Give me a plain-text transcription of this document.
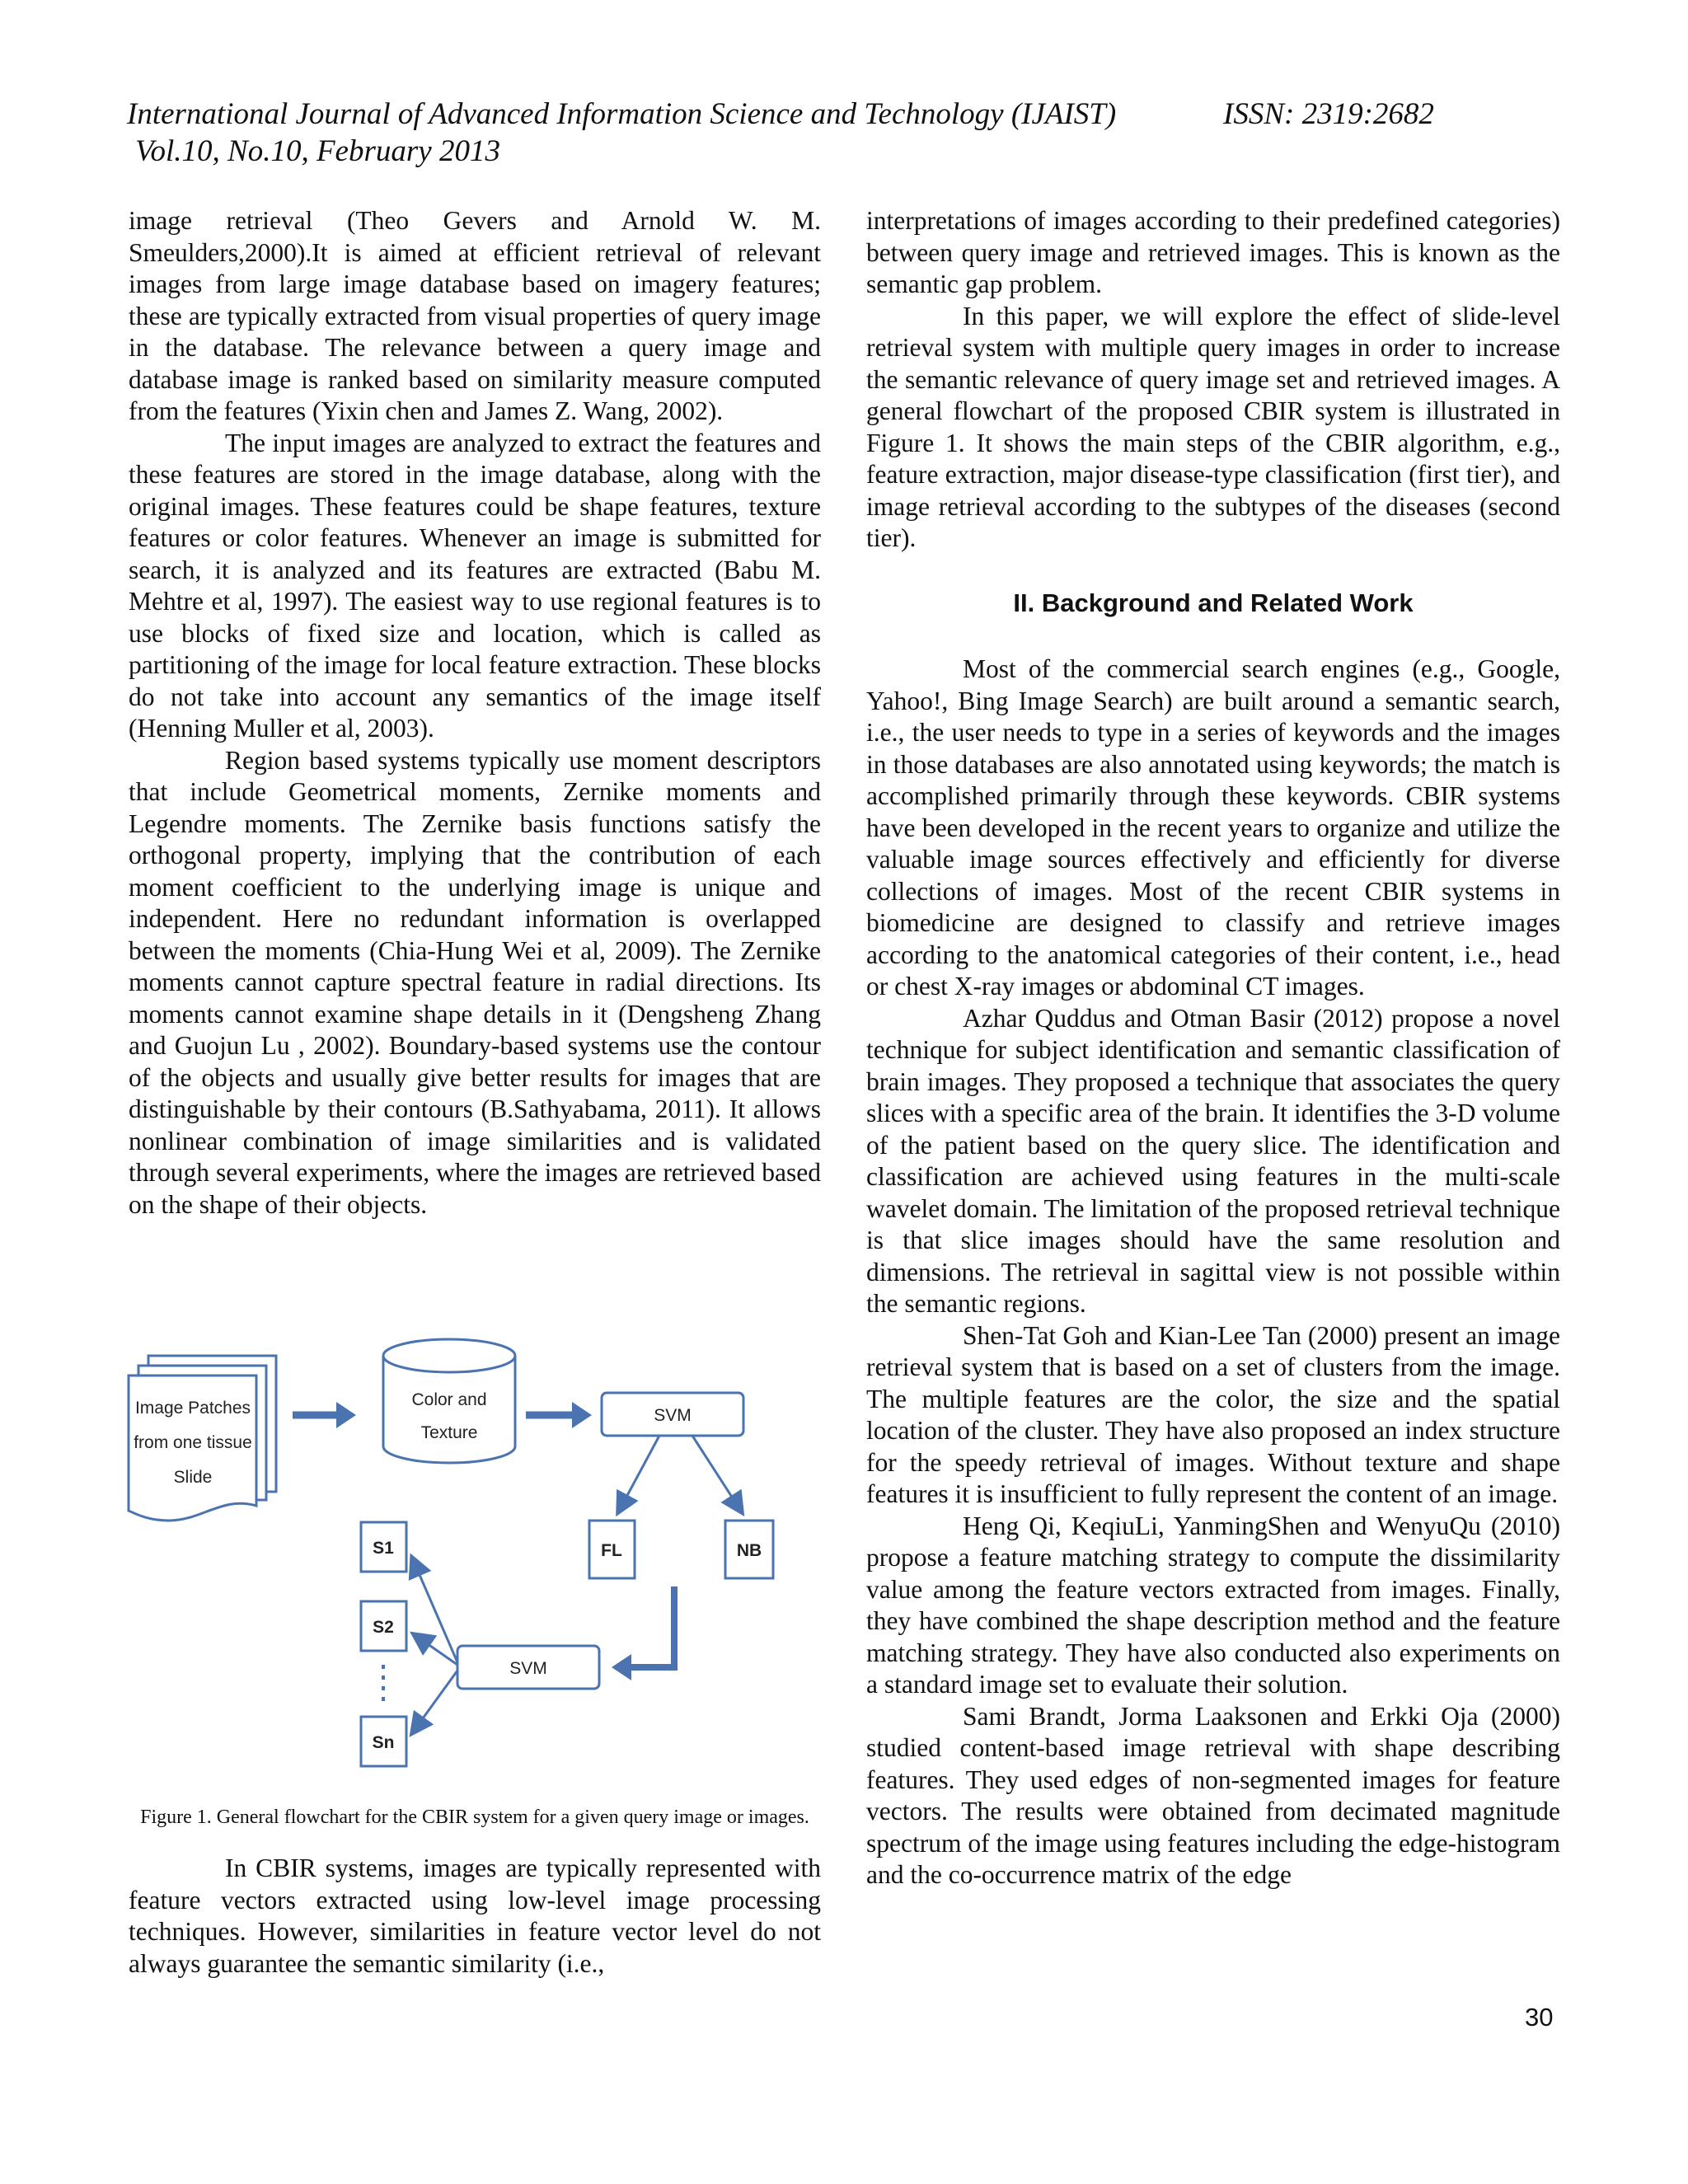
International Journal of Advanced Information Science and Technology (IJAIST)	ISSN: 2319:2682
Vol.10, No.10, February 2013

image retrieval (Theo Gevers and Arnold W. M. Smeulders,2000).It is aimed at efficient retrieval of relevant images from large image database based on imagery features; these are typically extracted from visual properties of query image in the database. The relevance between a query image and database image is ranked based on similarity measure computed from the features (Yixin chen and James Z. Wang, 2002).

The input images are analyzed to extract the features and these features are stored in the image database, along with the original images. These features could be shape features, texture features or color features. Whenever an image is submitted for search, it is analyzed and its features are extracted (Babu M. Mehtre et al, 1997). The easiest way to use regional features is to use blocks of fixed size and location, which is called as partitioning of the image for local feature extraction. These blocks do not take into account any semantics of the image itself (Henning Muller et al, 2003).

Region based systems typically use moment descriptors that include Geometrical moments, Zernike moments and Legendre moments. The Zernike basis functions satisfy the orthogonal property, implying that the contribution of each moment coefficient to the underlying image is unique and independent. Here no redundant information is overlapped between the moments (Chia-Hung Wei et al, 2009). The Zernike moments cannot capture spectral feature in radial directions. Its moments cannot examine shape details in it (Dengsheng Zhang and Guojun Lu , 2002). Boundary-based systems use the contour of the objects and usually give better results for images that are distinguishable by their contours (B.Sathyabama, 2011). It allows nonlinear combination of image similarities and is validated through several experiments, where the images are retrieved based on the shape of their objects.

Image Patches
from one tissue
Slide
Color and
Texture
SVM
FL	NB
S1
S2
Sn
SVM
Figure 1. General flowchart for the CBIR system for a given query image or images.

In CBIR systems, images are typically represented with feature vectors extracted using low-level image processing techniques. However, similarities in feature vector level do not always guarantee the semantic similarity (i.e.,

interpretations of images according to their predefined categories) between query image and retrieved images. This is known as the semantic gap problem.

In this paper, we will explore the effect of slide-level retrieval system with multiple query images in order to increase the semantic relevance of query image set and retrieved images. A general flowchart of the proposed CBIR system is illustrated in Figure 1. It shows the main steps of the CBIR algorithm, e.g., feature extraction, major disease-type classification (first tier), and image retrieval according to the subtypes of the diseases (second tier).

II. Background and Related Work

Most of the commercial search engines (e.g., Google, Yahoo!, Bing Image Search) are built around a semantic search, i.e., the user needs to type in a series of keywords and the images in those databases are also annotated using keywords; the match is accomplished primarily through these keywords. CBIR systems have been developed in the recent years to organize and utilize the valuable image sources effectively and efficiently for diverse collections of images. Most of the recent CBIR systems in biomedicine are designed to classify and retrieve images according to the anatomical categories of their content, i.e., head or chest X-ray images or abdominal CT images.

Azhar Quddus and Otman Basir (2012) propose a novel technique for subject identification and semantic classification of brain images. They proposed a technique that associates the query slices with a specific area of the brain. It identifies the 3-D volume of the patient based on the query slice. The identification and classification are achieved using features in the multi-scale wavelet domain. The limitation of the proposed retrieval technique is that slice images should have the same resolution and dimensions. The retrieval in sagittal view is not possible within the semantic regions.

Shen-Tat Goh and Kian-Lee Tan (2000) present an image retrieval system that is based on a set of clusters from the image. The multiple features are the color, the size and the spatial location of the cluster. They have also proposed an index structure for the speedy retrieval of images. Without texture and shape features it is insufficient to fully represent the content of an image.

Heng Qi, KeqiuLi, YanmingShen and WenyuQu (2010) propose a feature matching strategy to compute the dissimilarity value among the feature vectors extracted from images. Finally, they have combined the shape description method and the feature matching strategy. They have also conducted also experiments on a standard image set to evaluate their solution.

Sami Brandt, Jorma Laaksonen and Erkki Oja (2000) studied content-based image retrieval with shape describing features. They used edges of non-segmented images for feature vectors. The results were obtained from decimated magnitude spectrum of the image using features including the edge-histogram and the co-occurrence matrix of the edge

30
